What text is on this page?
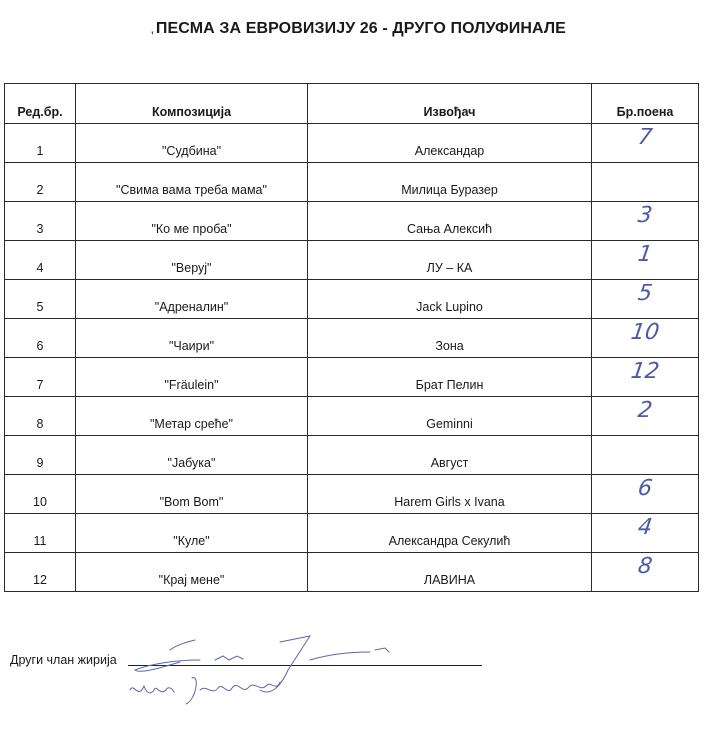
, ПЕСМА ЗА ЕВРОВИЗИЈУ 26 - ДРУГО ПОЛУФИНАЛЕ
Ред.бр.	Композиција	Извођач	Бр.поена
1	"Судбина"	Александар	7
2	"Свима вама треба мама"	Милица Буразер	
3	"Ко ме проба"	Сања Алексић	3
4	"Веруј"	ЛУ – КА	1
5	"Адреналин"	Jack Lupino	5
6	"Чаири"	Зона	10
7	"Fräulein"	Брат Пелин	12
8	"Метар среће"	Geminni	2
9	"Јабука"	Август	
10	"Bom Bom"	Harem Girls x Ivana	6
11	"Куле"	Александра Секулић	4
12	"Крај мене"	ЛАВИНА	8
Други члан жирија
